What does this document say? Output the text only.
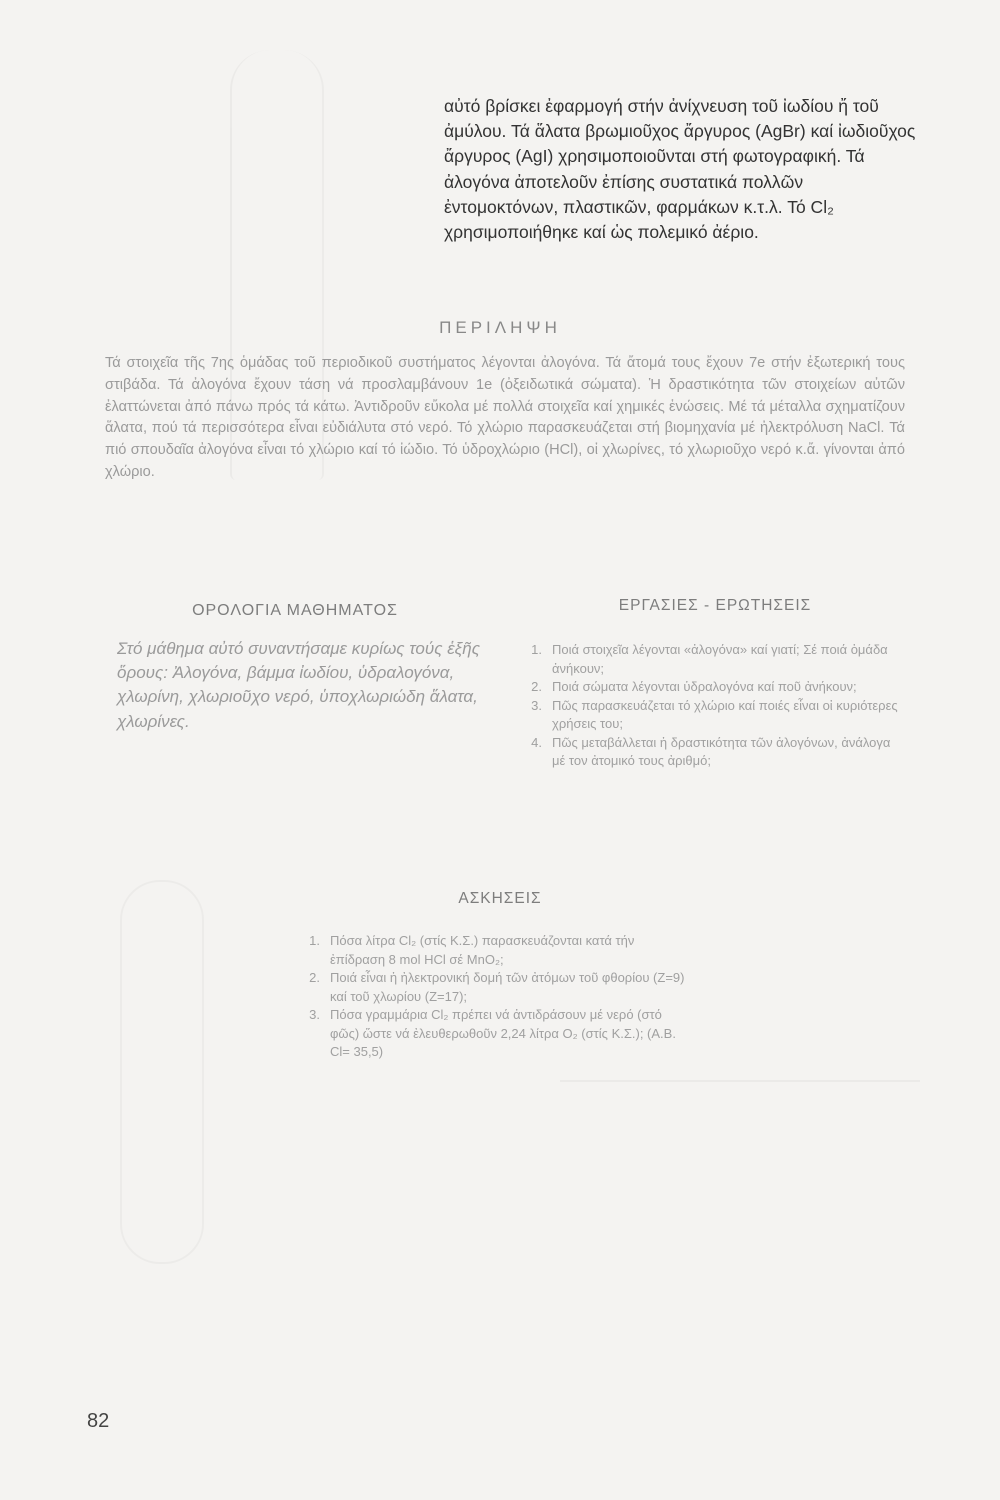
αὐτό βρίσκει ἐφαρμογή στήν ἀνίχνευση τοῦ ἰωδίου ἤ τοῦ ἀμύλου. Τά ἅλατα βρωμιοῦχος ἄργυρος (AgBr) καί ἰωδιοῦχος ἄργυρος (AgI) χρησιμοποιοῦνται στή φωτογραφική. Τά ἀλογόνα ἀποτελοῦν ἐπίσης συστατικά πολλῶν ἐντομοκτόνων, πλαστικῶν, φαρμάκων κ.τ.λ. Τό Cl₂ χρησιμοποιήθηκε καί ὡς πολεμικό ἀέριο.

ΠΕΡΙΛΗΨΗ

Τά στοιχεῖα τῆς 7ης ὁμάδας τοῦ περιοδικοῦ συστήματος λέγονται ἀλογόνα. Τά ἄτομά τους ἔχουν 7e στήν ἐξωτερική τους στιβάδα. Τά ἀλογόνα ἔχουν τάση νά προσλαμβάνουν 1e (ὀξειδωτικά σώματα). Ἡ δραστικότητα τῶν στοιχείων αὐτῶν ἐλαττώνεται ἀπό πάνω πρός τά κάτω. Ἀντιδροῦν εὔκολα μέ πολλά στοιχεῖα καί χημικές ἑνώσεις. Μέ τά μέταλλα σχηματίζουν ἅλατα, πού τά περισσότερα εἶναι εὐδιάλυτα στό νερό. Τό χλώριο παρασκευάζεται στή βιομηχανία μέ ἠλεκτρόλυση NaCl. Τά πιό σπουδαῖα ἀλογόνα εἶναι τό χλώριο καί τό ἰώδιο. Τό ὑδροχλώριο (HCl), οἱ χλωρίνες, τό χλωριοῦχο νερό κ.ἄ. γίνονται ἀπό χλώριο.

ΟΡΟΛΟΓΙΑ ΜΑΘΗΜΑΤΟΣ

Στό μάθημα αὐτό συναντήσαμε κυρίως τούς ἑξῆς ὅρους: Ἀλογόνα, βάμμα ἰωδίου, ὑδραλογόνα, χλωρίνη, χλωριοῦχο νερό, ὑποχλωριώδη ἅλατα, χλωρίνες.

ΕΡΓΑΣΙΕΣ - ΕΡΩΤΗΣΕΙΣ
1. Ποιά στοιχεῖα λέγονται «ἀλογόνα» καί γιατί; Σέ ποιά ὁμάδα ἀνήκουν;
2. Ποιά σώματα λέγονται ὑδραλογόνα καί ποῦ ἀνήκουν;
3. Πῶς παρασκευάζεται τό χλώριο καί ποιές εἶναι οἱ κυριότερες χρήσεις του;
4. Πῶς μεταβάλλεται ἡ δραστικότητα τῶν ἀλογόνων, ἀνάλογα μέ τον ἀτομικό τους ἀριθμό;
ΑΣΚΗΣΕΙΣ
1. Πόσα λίτρα Cl₂ (στίς Κ.Σ.) παρασκευάζονται κατά τήν ἐπίδραση 8 mol HCl σέ MnO₂;
2. Ποιά εἶναι ἡ ἠλεκτρονική δομή τῶν ἀτόμων τοῦ φθορίου (Z=9) καί τοῦ χλωρίου (Z=17);
3. Πόσα γραμμάρια Cl₂ πρέπει νά ἀντιδράσουν μέ νερό (στό φῶς) ὥστε νά ἐλευθερωθοῦν 2,24 λίτρα O₂ (στίς Κ.Σ.); (Α.Β. Cl= 35,5)

82
